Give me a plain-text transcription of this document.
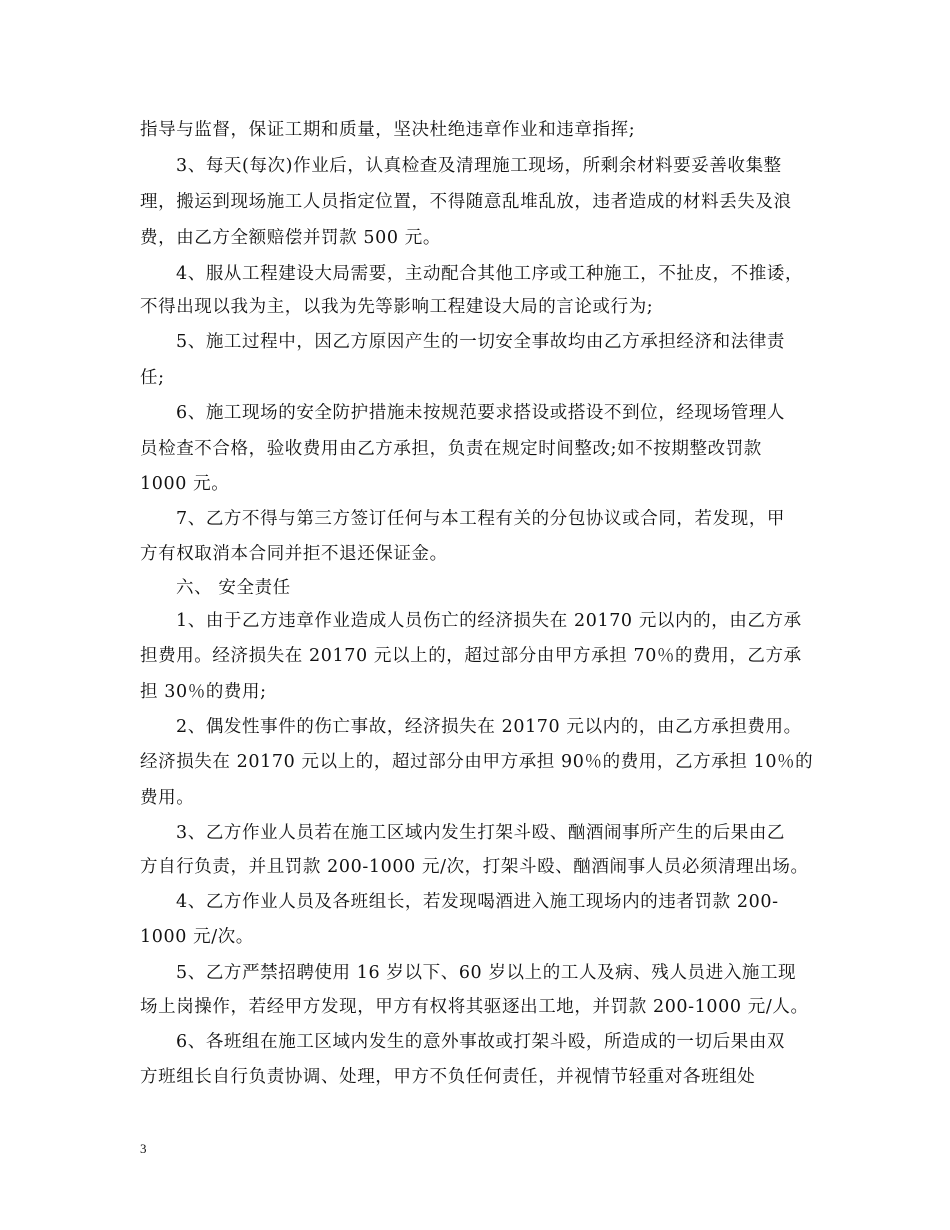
指导与监督，保证工期和质量，坚决杜绝违章作业和违章指挥;
3、每天(每次)作业后，认真检查及清理施工现场，所剩余材料要妥善收集整
理，搬运到现场施工人员指定位置，不得随意乱堆乱放，违者造成的材料丢失及浪
费，由乙方全额赔偿并罚款 500 元。
4、服从工程建设大局需要，主动配合其他工序或工种施工，不扯皮，不推诿，
不得出现以我为主，以我为先等影响工程建设大局的言论或行为;
5、施工过程中，因乙方原因产生的一切安全事故均由乙方承担经济和法律责
任;
6、施工现场的安全防护措施未按规范要求搭设或搭设不到位，经现场管理人
员检查不合格，验收费用由乙方承担，负责在规定时间整改;如不按期整改罚款
1000 元。
7、乙方不得与第三方签订任何与本工程有关的分包协议或合同，若发现，甲
方有权取消本合同并拒不退还保证金。
六、 安全责任
1、由于乙方违章作业造成人员伤亡的经济损失在 20170 元以内的，由乙方承
担费用。经济损失在 20170 元以上的，超过部分由甲方承担 70％的费用，乙方承
担 30％的费用;
2、偶发性事件的伤亡事故，经济损失在 20170 元以内的，由乙方承担费用。
经济损失在 20170 元以上的，超过部分由甲方承担 90％的费用，乙方承担 10％的
费用。
3、乙方作业人员若在施工区域内发生打架斗殴、酗酒闹事所产生的后果由乙
方自行负责，并且罚款 200-1000 元/次，打架斗殴、酗酒闹事人员必须清理出场。
4、乙方作业人员及各班组长，若发现喝酒进入施工现场内的违者罚款 200-
1000 元/次。
5、乙方严禁招聘使用 16 岁以下、60 岁以上的工人及病、残人员进入施工现
场上岗操作，若经甲方发现，甲方有权将其驱逐出工地，并罚款 200-1000 元/人。
6、各班组在施工区域内发生的意外事故或打架斗殴，所造成的一切后果由双
方班组长自行负责协调、处理，甲方不负任何责任，并视情节轻重对各班组处
3
